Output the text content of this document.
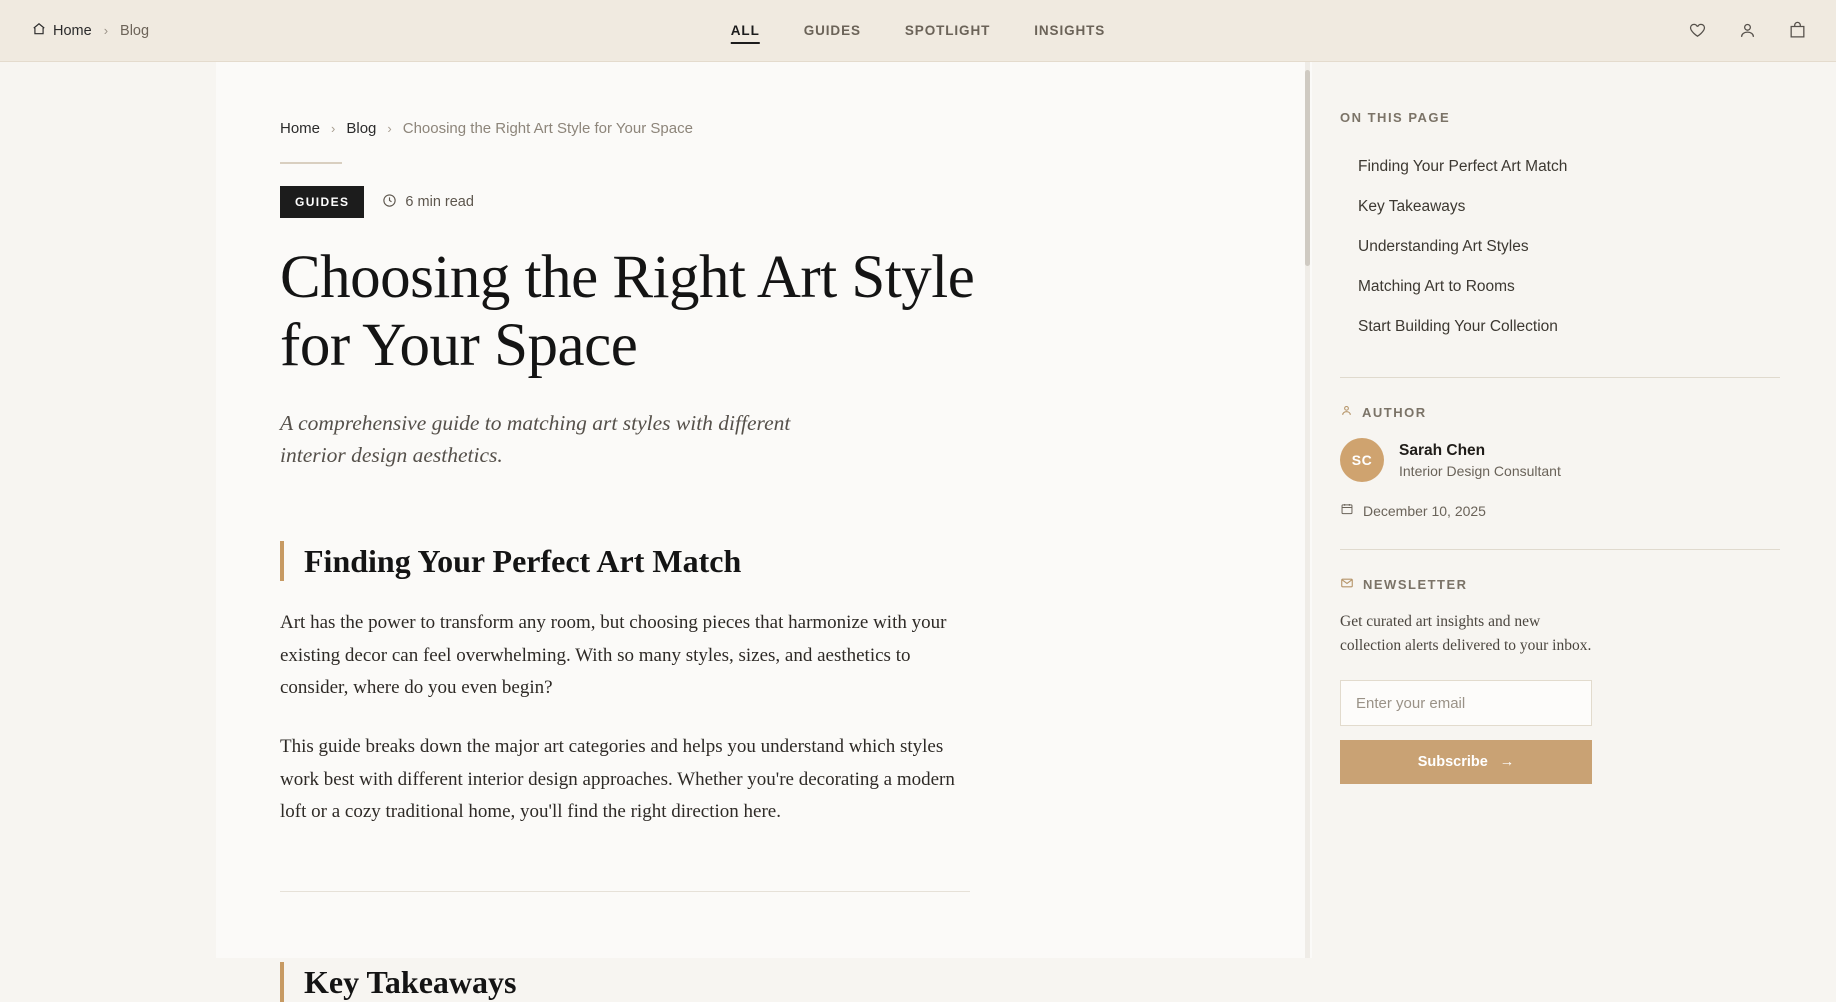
Home › Blog	ALL	GUIDES	SPOTLIGHT	INSIGHTS
Home › Blog › Choosing the Right Art Style for Your Space
GUIDES	6 min read
Choosing the Right Art Style for Your Space
A comprehensive guide to matching art styles with different interior design aesthetics.
Finding Your Perfect Art Match

Art has the power to transform any room, but choosing pieces that harmonize with your existing decor can feel overwhelming. With so many styles, sizes, and aesthetics to consider, where do you even begin?

This guide breaks down the major art categories and helps you understand which styles work best with different interior design approaches. Whether you're decorating a modern loft or a cozy traditional home, you'll find the right direction here.

Key Takeaways
ON THIS PAGE
Finding Your Perfect Art Match
Key Takeaways
Understanding Art Styles
Matching Art to Rooms
Start Building Your Collection
AUTHOR
SC
Sarah Chen
Interior Design Consultant
December 10, 2025
NEWSLETTER
Get curated art insights and new collection alerts delivered to your inbox.
Enter your email
Subscribe →
